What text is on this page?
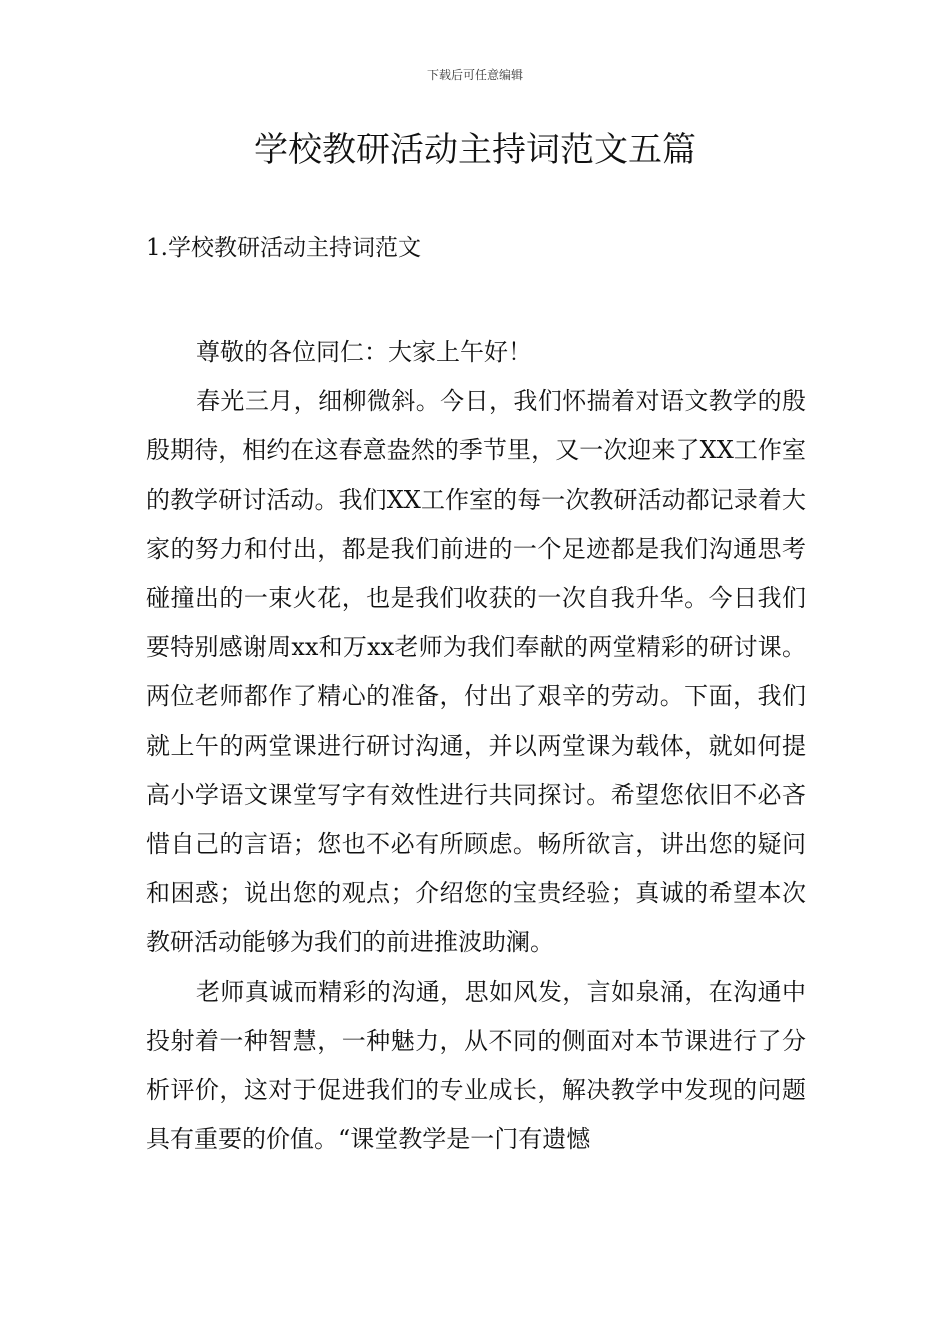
下载后可任意编辑
学校教研活动主持词范文五篇
1.学校教研活动主持词范文

尊敬的各位同仁：大家上午好！

春光三月，细柳微斜。今日，我们怀揣着对语文教学的殷殷期待，相约在这春意盎然的季节里，又一次迎来了XX工作室的教学研讨活动。我们XX工作室的每一次教研活动都记录着大家的努力和付出，都是我们前进的一个足迹都是我们沟通思考碰撞出的一束火花，也是我们收获的一次自我升华。今日我们要特别感谢周xx和万xx老师为我们奉献的两堂精彩的研讨课。两位老师都作了精心的准备，付出了艰辛的劳动。下面，我们就上午的两堂课进行研讨沟通，并以两堂课为载体，就如何提高小学语文课堂写字有效性进行共同探讨。希望您依旧不必吝惜自己的言语；您也不必有所顾虑。畅所欲言，讲出您的疑问和困惑；说出您的观点；介绍您的宝贵经验；真诚的希望本次教研活动能够为我们的前进推波助澜。

老师真诚而精彩的沟通，思如风发，言如泉涌，在沟通中投射着一种智慧，一种魅力，从不同的侧面对本节课进行了分析评价，这对于促进我们的专业成长，解决教学中发现的问题具有重要的价值。“课堂教学是一门有遗憾
